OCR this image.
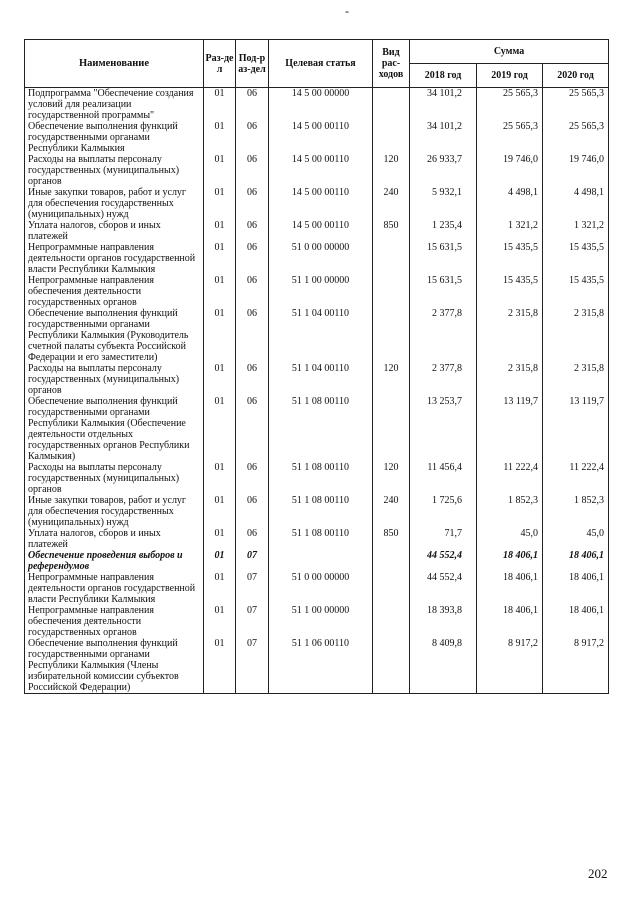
-
Наименование	Раз-дел	Под-раз-дел	Целевая статья	Вид рас-ходов	Сумма		
					2018 год	2019 год	2020 год
Подпрограмма "Обеспечение создания условий для реализации государственной программы"	01	06	14 5 00 00000		34 101,2	25 565,3	25 565,3
Обеспечение выполнения функций государственными органами Республики Калмыкия	01	06	14 5 00 00110		34 101,2	25 565,3	25 565,3
Расходы на выплаты персоналу государственных (муниципальных) органов	01	06	14 5 00 00110	120	26 933,7	19 746,0	19 746,0
Иные закупки товаров, работ и услуг для обеспечения государственных (муниципальных) нужд	01	06	14 5 00 00110	240	5 932,1	4 498,1	4 498,1
Уплата налогов, сборов и иных платежей	01	06	14 5 00 00110	850	1 235,4	1 321,2	1 321,2
Непрограммные направления деятельности органов государственной власти Республики Калмыкия	01	06	51 0 00 00000		15 631,5	15 435,5	15 435,5
Непрограммные направления обеспечения деятельности государственных органов	01	06	51 1 00 00000		15 631,5	15 435,5	15 435,5
Обеспечение выполнения функций государственными органами Республики Калмыкия (Руководитель счетной палаты субъекта Российской Федерации и его заместители)	01	06	51 1 04 00110		2 377,8	2 315,8	2 315,8
Расходы на выплаты персоналу государственных (муниципальных) органов	01	06	51 1 04 00110	120	2 377,8	2 315,8	2 315,8
Обеспечение выполнения функций государственными органами Республики Калмыкия (Обеспечение деятельности отдельных государственных органов Республики Калмыкия)	01	06	51 1 08 00110		13 253,7	13 119,7	13 119,7
Расходы на выплаты персоналу государственных (муниципальных) органов	01	06	51 1 08 00110	120	11 456,4	11 222,4	11 222,4
Иные закупки товаров, работ и услуг для обеспечения государственных (муниципальных) нужд	01	06	51 1 08 00110	240	1 725,6	1 852,3	1 852,3
Уплата налогов, сборов и иных платежей	01	06	51 1 08 00110	850	71,7	45,0	45,0
Обеспечение проведения выборов и референдумов	01	07			44 552,4	18 406,1	18 406,1
Непрограммные направления деятельности органов государственной власти Республики Калмыкия	01	07	51 0 00 00000		44 552,4	18 406,1	18 406,1
Непрограммные направления обеспечения деятельности государственных органов	01	07	51 1 00 00000		18 393,8	18 406,1	18 406,1
Обеспечение выполнения функций государственными органами Республики Калмыкия (Члены избирательной комиссии субъектов Российской Федерации)	01	07	51 1 06 00110		8 409,8	8 917,2	8 917,2
202
